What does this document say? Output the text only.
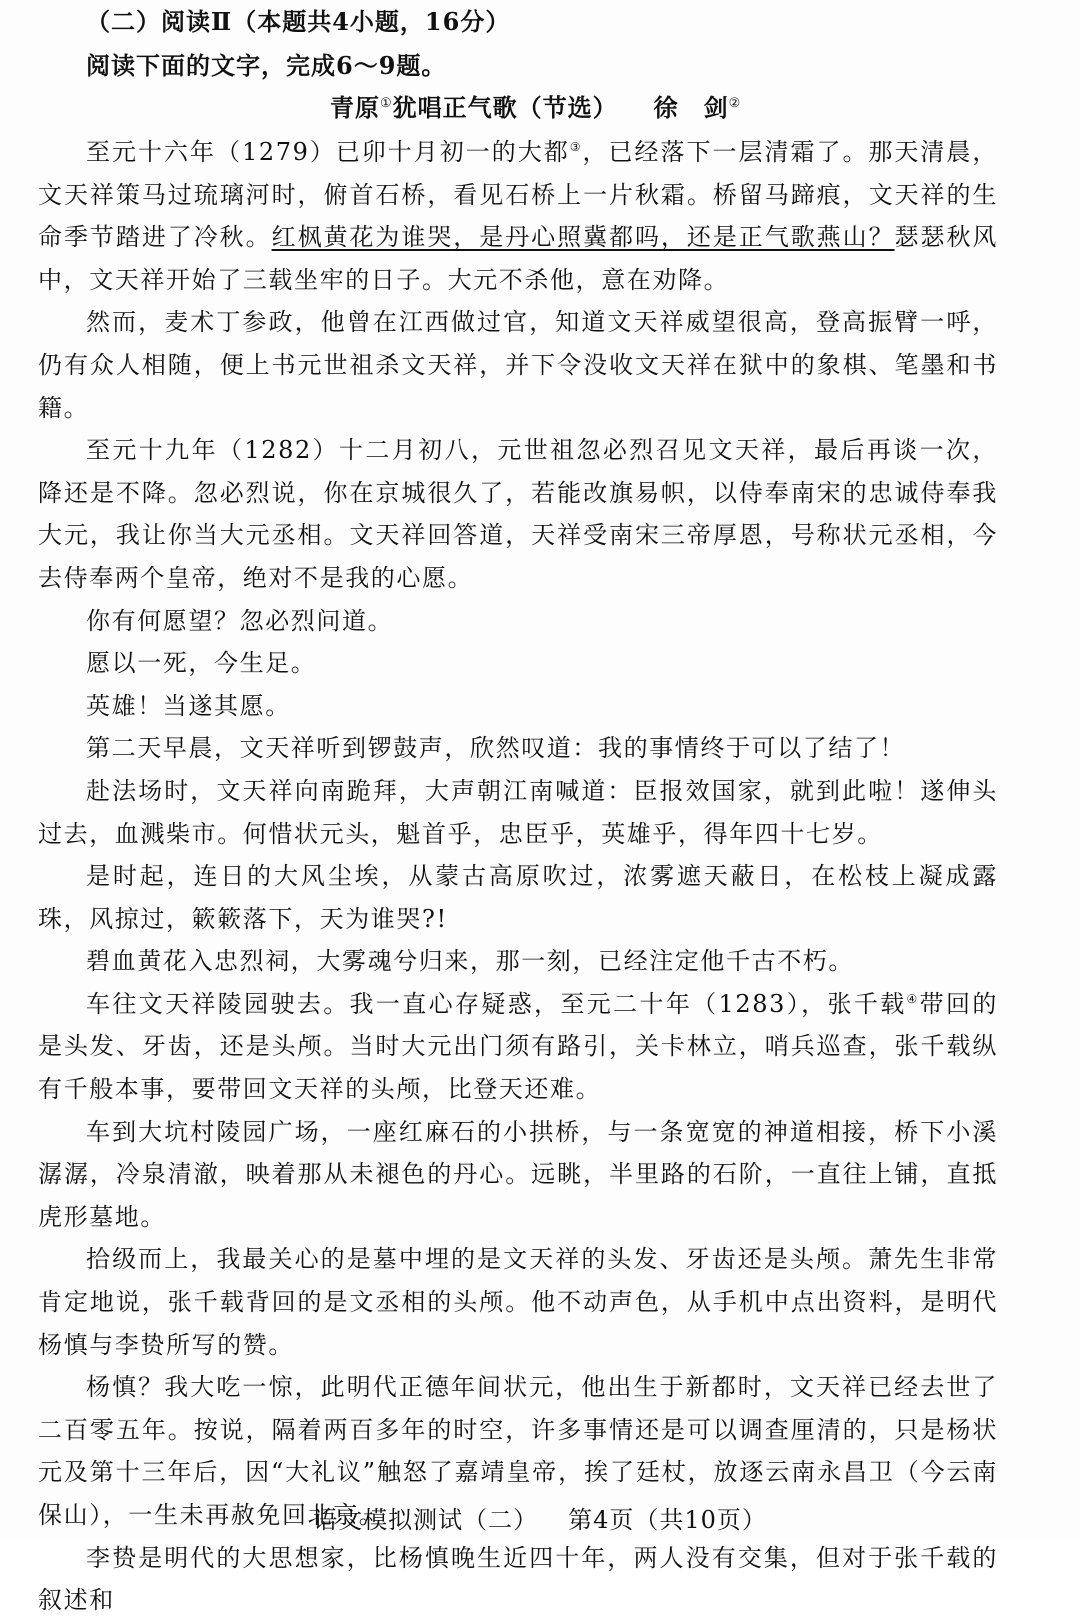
（二）阅读Ⅱ（本题共4小题，16分）
阅读下面的文字，完成6～9题。
青原①犹唱正气歌（节选） 徐　剑②

至元十六年（1279）已卯十月初一的大都③，已经落下一层清霜了。那天清晨，文天祥策马过琉璃河时，俯首石桥，看见石桥上一片秋霜。桥留马蹄痕，文天祥的生命季节踏进了冷秋。红枫黄花为谁哭，是丹心照冀都吗，还是正气歌燕山？瑟瑟秋风中，文天祥开始了三载坐牢的日子。大元不杀他，意在劝降。

然而，麦术丁参政，他曾在江西做过官，知道文天祥威望很高，登高振臂一呼，仍有众人相随，便上书元世祖杀文天祥，并下令没收文天祥在狱中的象棋、笔墨和书籍。

至元十九年（1282）十二月初八，元世祖忽必烈召见文天祥，最后再谈一次，降还是不降。忽必烈说，你在京城很久了，若能改旗易帜，以侍奉南宋的忠诚侍奉我大元，我让你当大元丞相。文天祥回答道，天祥受南宋三帝厚恩，号称状元丞相，今去侍奉两个皇帝，绝对不是我的心愿。

你有何愿望？忽必烈问道。

愿以一死，今生足。

英雄！当遂其愿。

第二天早晨，文天祥听到锣鼓声，欣然叹道：我的事情终于可以了结了！

赴法场时，文天祥向南跪拜，大声朝江南喊道：臣报效国家，就到此啦！遂伸头过去，血溅柴市。何惜状元头，魁首乎，忠臣乎，英雄乎，得年四十七岁。

是时起，连日的大风尘埃，从蒙古高原吹过，浓雾遮天蔽日，在松枝上凝成露珠，风掠过，簌簌落下，天为谁哭?!

碧血黄花入忠烈祠，大雾魂兮归来，那一刻，已经注定他千古不朽。

车往文天祥陵园驶去。我一直心存疑惑，至元二十年（1283），张千载④带回的是头发、牙齿，还是头颅。当时大元出门须有路引，关卡林立，哨兵巡查，张千载纵有千般本事，要带回文天祥的头颅，比登天还难。

车到大坑村陵园广场，一座红麻石的小拱桥，与一条宽宽的神道相接，桥下小溪潺潺，冷泉清澈，映着那从未褪色的丹心。远眺，半里路的石阶，一直往上铺，直抵虎形墓地。

拾级而上，我最关心的是墓中埋的是文天祥的头发、牙齿还是头颅。萧先生非常肯定地说，张千载背回的是文丞相的头颅。他不动声色，从手机中点出资料，是明代杨慎与李贽所写的赞。

杨慎？我大吃一惊，此明代正德年间状元，他出生于新都时，文天祥已经去世了二百零五年。按说，隔着两百多年的时空，许多事情还是可以调查厘清的，只是杨状元及第十三年后，因“大礼议”触怒了嘉靖皇帝，挨了廷杖，放逐云南永昌卫（今云南保山），一生未再赦免回北京。

李贽是明代的大思想家，比杨慎晚生近四十年，两人没有交集，但对于张千载的叙述和

语文模拟测试（二） 第4页（共10页）
